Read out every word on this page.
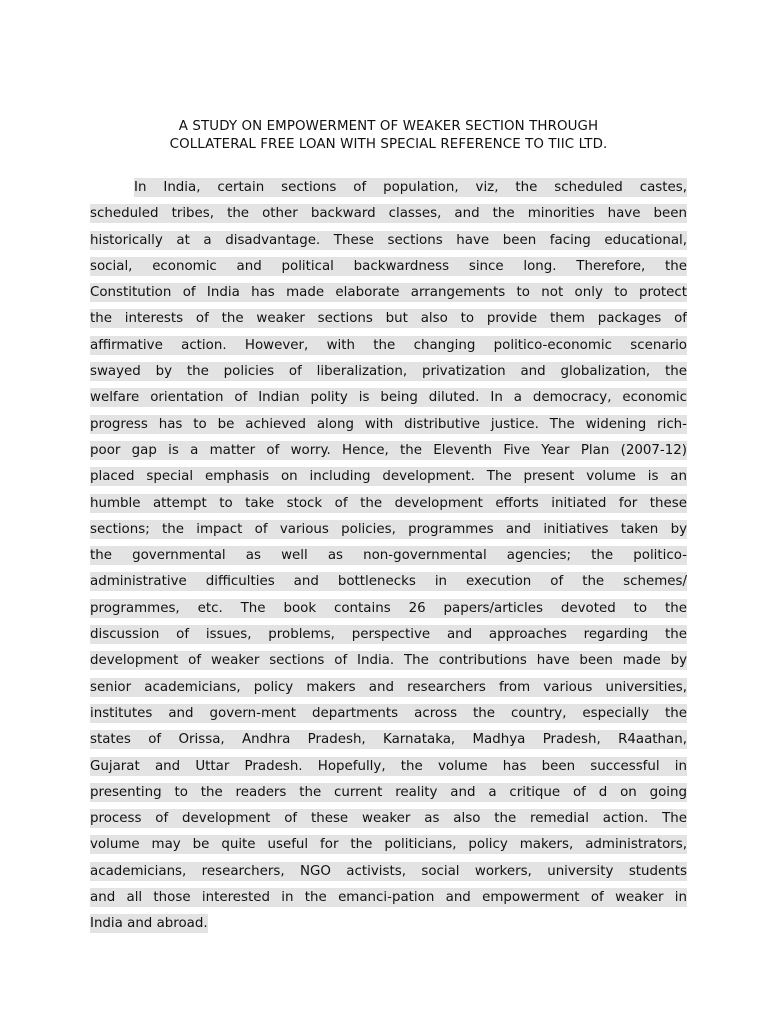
A STUDY ON EMPOWERMENT OF WEAKER SECTION THROUGH
COLLATERAL FREE LOAN WITH SPECIAL REFERENCE TO TIIC LTD.
In India, certain sections of population, viz, the scheduled castes,
scheduled tribes, the other backward classes, and the minorities have been
historically at a disadvantage. These sections have been facing educational,
social, economic and political backwardness since long. Therefore, the
Constitution of India has made elaborate arrangements to not only to protect
the interests of the weaker sections but also to provide them packages of
affirmative action. However, with the changing politico-economic scenario
swayed by the policies of liberalization, privatization and globalization, the
welfare orientation of Indian polity is being diluted. In a democracy, economic
progress has to be achieved along with distributive justice. The widening rich-
poor gap is a matter of worry. Hence, the Eleventh Five Year Plan (2007-12)
placed special emphasis on including development. The present volume is an
humble attempt to take stock of the development efforts initiated for these
sections; the impact of various policies, programmes and initiatives taken by
the governmental as well as non-governmental agencies; the politico-
administrative difficulties and bottlenecks in execution of the schemes/
programmes, etc. The book contains 26 papers/articles devoted to the
discussion of issues, problems, perspective and approaches regarding the
development of weaker sections of India. The contributions have been made by
senior academicians, policy makers and researchers from various universities,
institutes and govern-ment departments across the country, especially the
states of Orissa, Andhra Pradesh, Karnataka, Madhya Pradesh, R4aathan,
Gujarat and Uttar Pradesh. Hopefully, the volume has been successful in
presenting to the readers the current reality and a critique of d on going
process of development of these weaker as also the remedial action. The
volume may be quite useful for the politicians, policy makers, administrators,
academicians, researchers, NGO activists, social workers, university students
and all those interested in the emanci-pation and empowerment of weaker in
India and abroad.
